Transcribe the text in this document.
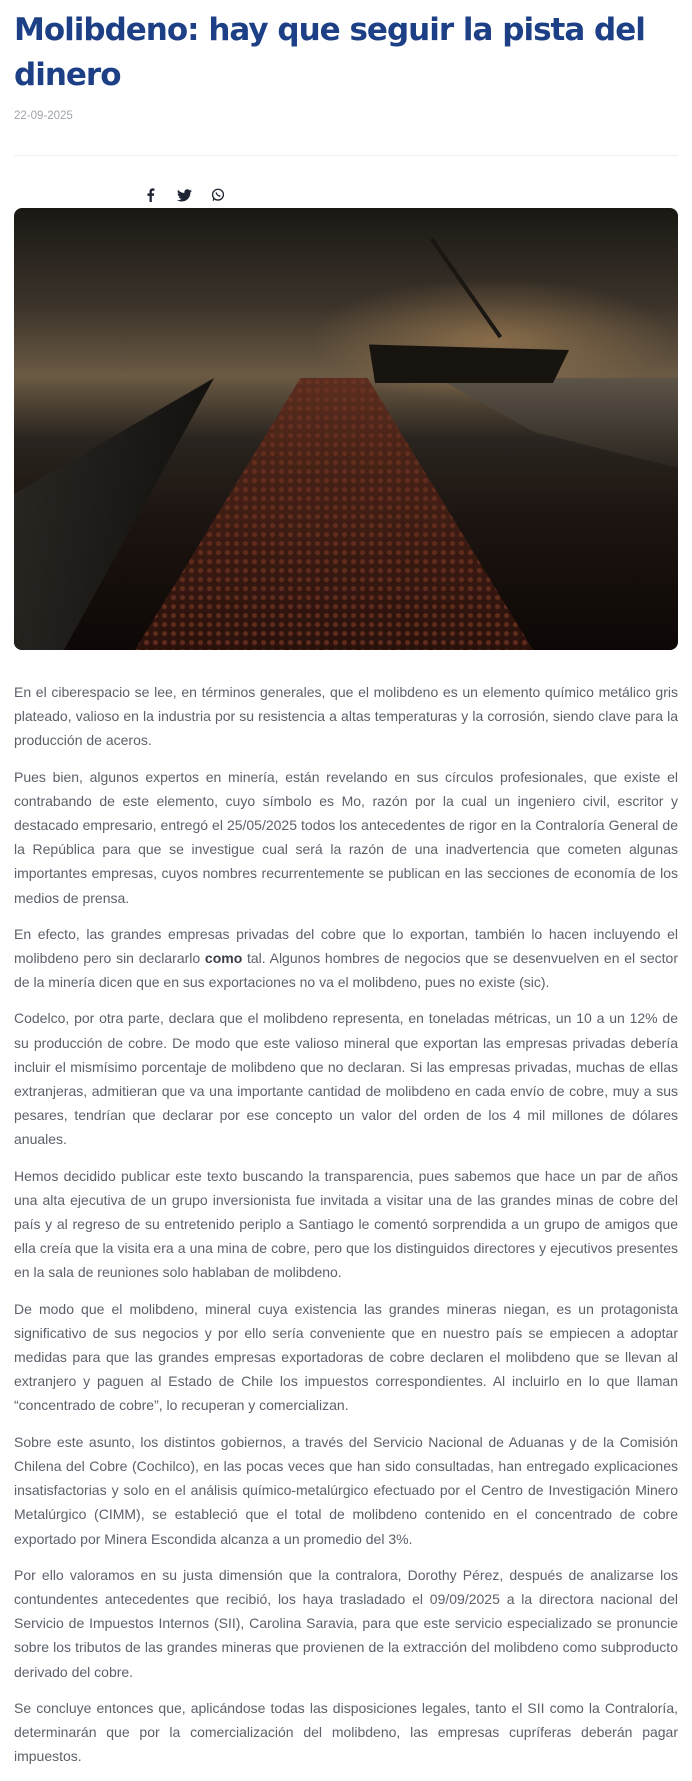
Molibdeno: hay que seguir la pista del dinero
22-09-2025

En el ciberespacio se lee, en términos generales, que el molibdeno es un elemento químico metálico gris plateado, valioso en la industria por su resistencia a altas temperaturas y la corrosión, siendo clave para la producción de aceros.

Pues bien, algunos expertos en minería, están revelando en sus círculos profesionales, que existe el contrabando de este elemento, cuyo símbolo es Mo, razón por la cual un ingeniero civil, escritor y destacado empresario, entregó el 25/05/2025 todos los antecedentes de rigor en la Contraloría General de la República para que se investigue cual será la razón de una inadvertencia que cometen algunas importantes empresas, cuyos nombres recurrentemente se publican en las secciones de economía de los medios de prensa.

En efecto, las grandes empresas privadas del cobre que lo exportan, también lo hacen incluyendo el molibdeno pero sin declararlo como tal. Algunos hombres de negocios que se desenvuelven en el sector de la minería dicen que en sus exportaciones no va el molibdeno, pues no existe (sic).

Codelco, por otra parte, declara que el molibdeno representa, en toneladas métricas, un 10 a un 12% de su producción de cobre. De modo que este valioso mineral que exportan las empresas privadas debería incluir el mismísimo porcentaje de molibdeno que no declaran. Si las empresas privadas, muchas de ellas extranjeras, admitieran que va una importante cantidad de molibdeno en cada envío de cobre, muy a sus pesares, tendrían que declarar por ese concepto un valor del orden de los 4 mil millones de dólares anuales.

Hemos decidido publicar este texto buscando la transparencia, pues sabemos que hace un par de años una alta ejecutiva de un grupo inversionista fue invitada a visitar una de las grandes minas de cobre del país y al regreso de su entretenido periplo a Santiago le comentó sorprendida a un grupo de amigos que ella creía que la visita era a una mina de cobre, pero que los distinguidos directores y ejecutivos presentes en la sala de reuniones solo hablaban de molibdeno.

De modo que el molibdeno, mineral cuya existencia las grandes mineras niegan, es un protagonista significativo de sus negocios y por ello sería conveniente que en nuestro país se empiecen a adoptar medidas para que las grandes empresas exportadoras de cobre declaren el molibdeno que se llevan al extranjero y paguen al Estado de Chile los impuestos correspondientes. Al incluirlo en lo que llaman “concentrado de cobre”, lo recuperan y comercializan.

Sobre este asunto, los distintos gobiernos, a través del Servicio Nacional de Aduanas y de la Comisión Chilena del Cobre (Cochilco), en las pocas veces que han sido consultadas, han entregado explicaciones insatisfactorias y solo en el análisis químico-metalúrgico efectuado por el Centro de Investigación Minero Metalúrgico (CIMM), se estableció que el total de molibdeno contenido en el concentrado de cobre exportado por Minera Escondida alcanza a un promedio del 3%.

Por ello valoramos en su justa dimensión que la contralora, Dorothy Pérez, después de analizarse los contundentes antecedentes que recibió, los haya trasladado el 09/09/2025 a la directora nacional del Servicio de Impuestos Internos (SII), Carolina Saravia, para que este servicio especializado se pronuncie sobre los tributos de las grandes mineras que provienen de la extracción del molibdeno como subproducto derivado del cobre.

Se concluye entonces que, aplicándose todas las disposiciones legales, tanto el SII como la Contraloría, determinarán que por la comercialización del molibdeno, las empresas cupríferas deberán pagar impuestos.
